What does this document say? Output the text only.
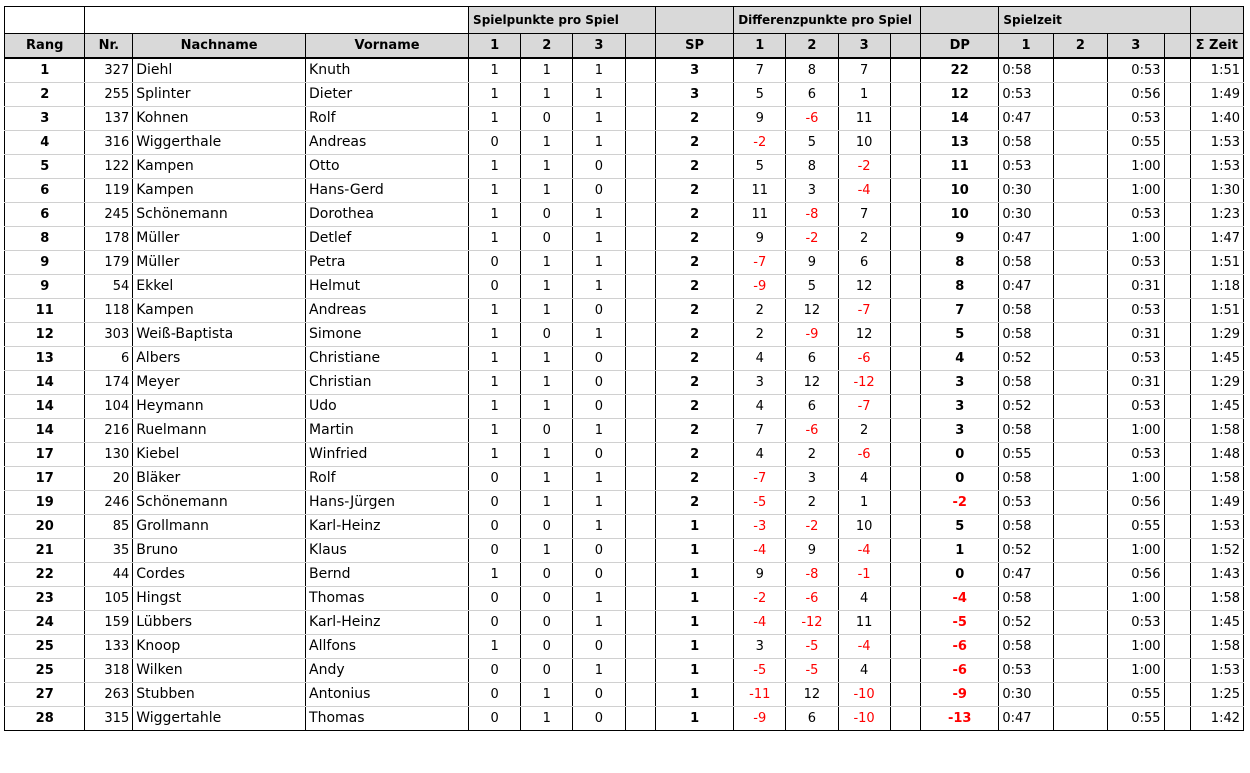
				Spielpunkte pro Spiel					Differenzpunkte pro Spiel					Spielzeit				
Rang	Nr.	Nachname	Vorname	1	2	3		SP	1	2	3		DP	1	2	3		Σ Zeit
1	327	Diehl	Knuth	1	1	1		3	7	8	7		22	0:58		0:53		1:51
2	255	Splinter	Dieter	1	1	1		3	5	6	1		12	0:53		0:56		1:49
3	137	Kohnen	Rolf	1	0	1		2	9	-6	11		14	0:47		0:53		1:40
4	316	Wiggerthale	Andreas	0	1	1		2	-2	5	10		13	0:58		0:55		1:53
5	122	Kampen	Otto	1	1	0		2	5	8	-2		11	0:53		1:00		1:53
6	119	Kampen	Hans-Gerd	1	1	0		2	11	3	-4		10	0:30		1:00		1:30
6	245	Schönemann	Dorothea	1	0	1		2	11	-8	7		10	0:30		0:53		1:23
8	178	Müller	Detlef	1	0	1		2	9	-2	2		9	0:47		1:00		1:47
9	179	Müller	Petra	0	1	1		2	-7	9	6		8	0:58		0:53		1:51
9	54	Ekkel	Helmut	0	1	1		2	-9	5	12		8	0:47		0:31		1:18
11	118	Kampen	Andreas	1	1	0		2	2	12	-7		7	0:58		0:53		1:51
12	303	Weiß-Baptista	Simone	1	0	1		2	2	-9	12		5	0:58		0:31		1:29
13	6	Albers	Christiane	1	1	0		2	4	6	-6		4	0:52		0:53		1:45
14	174	Meyer	Christian	1	1	0		2	3	12	-12		3	0:58		0:31		1:29
14	104	Heymann	Udo	1	1	0		2	4	6	-7		3	0:52		0:53		1:45
14	216	Ruelmann	Martin	1	0	1		2	7	-6	2		3	0:58		1:00		1:58
17	130	Kiebel	Winfried	1	1	0		2	4	2	-6		0	0:55		0:53		1:48
17	20	Bläker	Rolf	0	1	1		2	-7	3	4		0	0:58		1:00		1:58
19	246	Schönemann	Hans-Jürgen	0	1	1		2	-5	2	1		-2	0:53		0:56		1:49
20	85	Grollmann	Karl-Heinz	0	0	1		1	-3	-2	10		5	0:58		0:55		1:53
21	35	Bruno	Klaus	0	1	0		1	-4	9	-4		1	0:52		1:00		1:52
22	44	Cordes	Bernd	1	0	0		1	9	-8	-1		0	0:47		0:56		1:43
23	105	Hingst	Thomas	0	0	1		1	-2	-6	4		-4	0:58		1:00		1:58
24	159	Lübbers	Karl-Heinz	0	0	1		1	-4	-12	11		-5	0:52		0:53		1:45
25	133	Knoop	Allfons	1	0	0		1	3	-5	-4		-6	0:58		1:00		1:58
25	318	Wilken	Andy	0	0	1		1	-5	-5	4		-6	0:53		1:00		1:53
27	263	Stubben	Antonius	0	1	0		1	-11	12	-10		-9	0:30		0:55		1:25
28	315	Wiggertahle	Thomas	0	1	0		1	-9	6	-10		-13	0:47		0:55		1:42
